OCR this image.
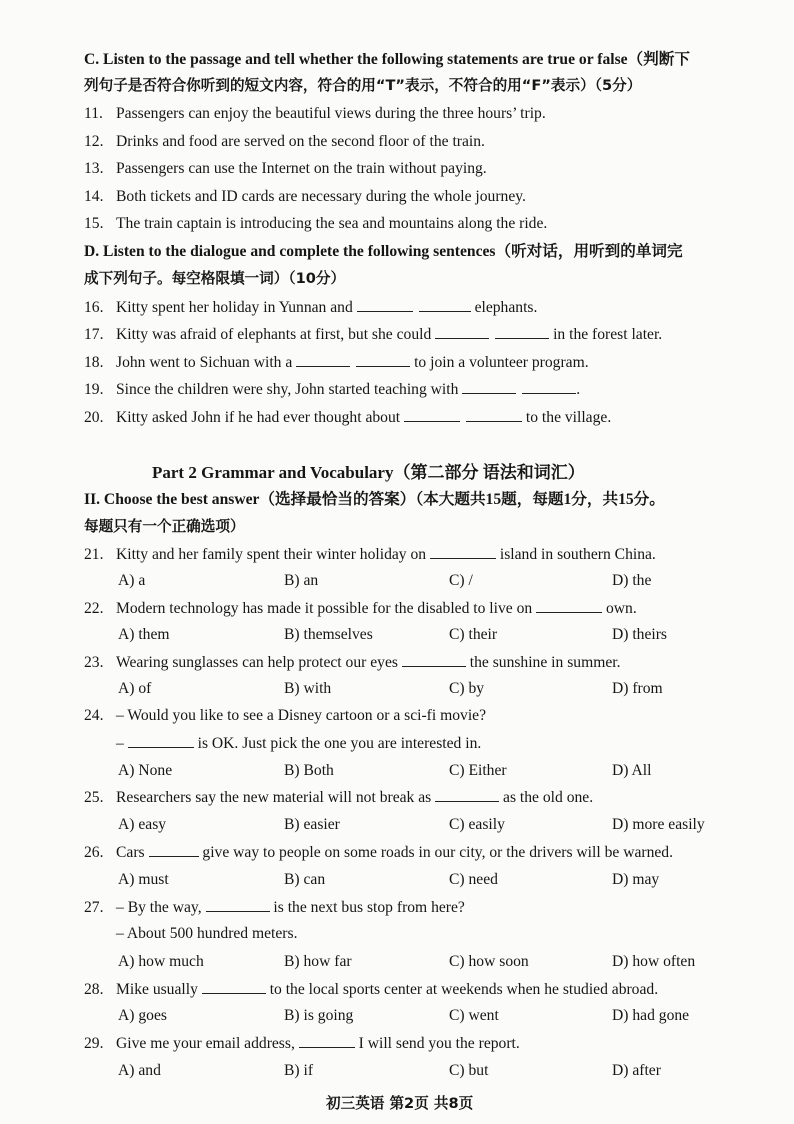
C. Listen to the passage and tell whether the following statements are true or false（判断下
列句子是否符合你听到的短文内容，符合的用“T”表示，不符合的用“F”表示）（5分）
11. Passengers can enjoy the beautiful views during the three hours’ trip.
12. Drinks and food are served on the second floor of the train.
13. Passengers can use the Internet on the train without paying.
14. Both tickets and ID cards are necessary during the whole journey.
15. The train captain is introducing the sea and mountains along the ride.
D. Listen to the dialogue and complete the following sentences（听对话，用听到的单词完
成下列句子。每空格限填一词）（10分）
16. Kitty spent her holiday in Yunnan and	elephants.
17. Kitty was afraid of elephants at first, but she could	in the forest later.
18. John went to Sichuan with a	to join a volunteer program.
19. Since the children were shy, John started teaching with	.
20. Kitty asked John if he had ever thought about	to the village.
Part 2 Grammar and Vocabulary（第二部分 语法和词汇）
II. Choose the best answer（选择最恰当的答案）（本大题共15题，每题1分，共15分。
每题只有一个正确选项）
21. Kitty and her family spent their winter holiday on	island in southern China.
A) a	B) an	C) /	D) the
22. Modern technology has made it possible for the disabled to live on	own.
A) them	B) themselves	C) their	D) theirs
23. Wearing sunglasses can help protect our eyes	the sunshine in summer.
A) of	B) with	C) by	D) from
24. – Would you like to see a Disney cartoon or a sci-fi movie?
–	is OK. Just pick the one you are interested in.
A) None	B) Both	C) Either	D) All
25. Researchers say the new material will not break as	as the old one.
A) easy	B) easier	C) easily	D) more easily
26. Cars	give way to people on some roads in our city, or the drivers will be warned.
A) must	B) can	C) need	D) may
27. – By the way,	is the next bus stop from here?
– About 500 hundred meters.
A) how much	B) how far	C) how soon	D) how often
28. Mike usually	to the local sports center at weekends when he studied abroad.
A) goes	B) is going	C) went	D) had gone
29. Give me your email address,	I will send you the report.
A) and	B) if	C) but	D) after
初三英语 第2页 共8页
